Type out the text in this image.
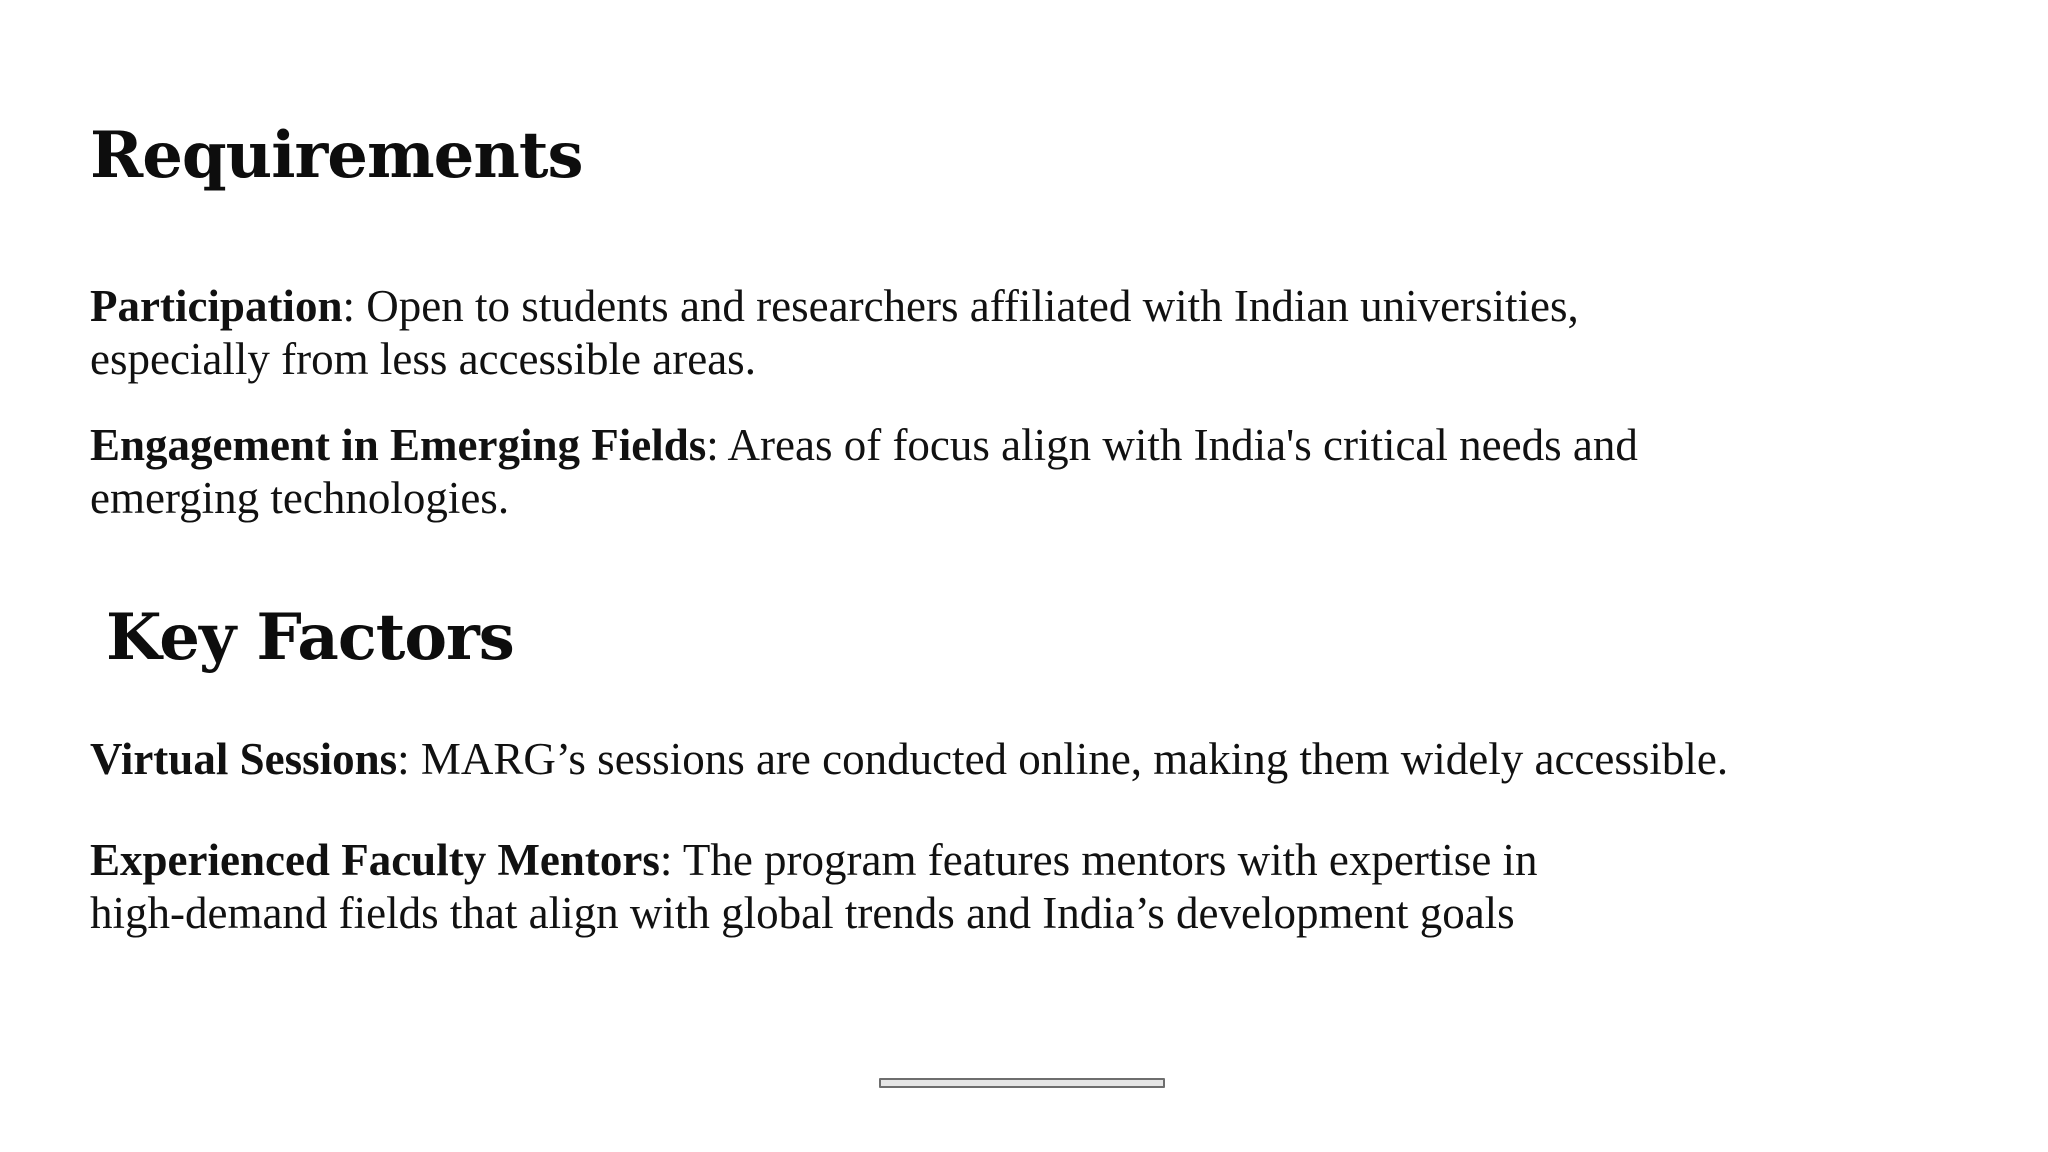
Requirements

Participation: Open to students and researchers affiliated with Indian universities,
especially from less accessible areas.

Engagement in Emerging Fields: Areas of focus align with India's critical needs and
emerging technologies.

Key Factors

Virtual Sessions: MARG’s sessions are conducted online, making them widely accessible.

Experienced Faculty Mentors: The program features mentors with expertise in
high-demand fields that align with global trends and India’s development goals
